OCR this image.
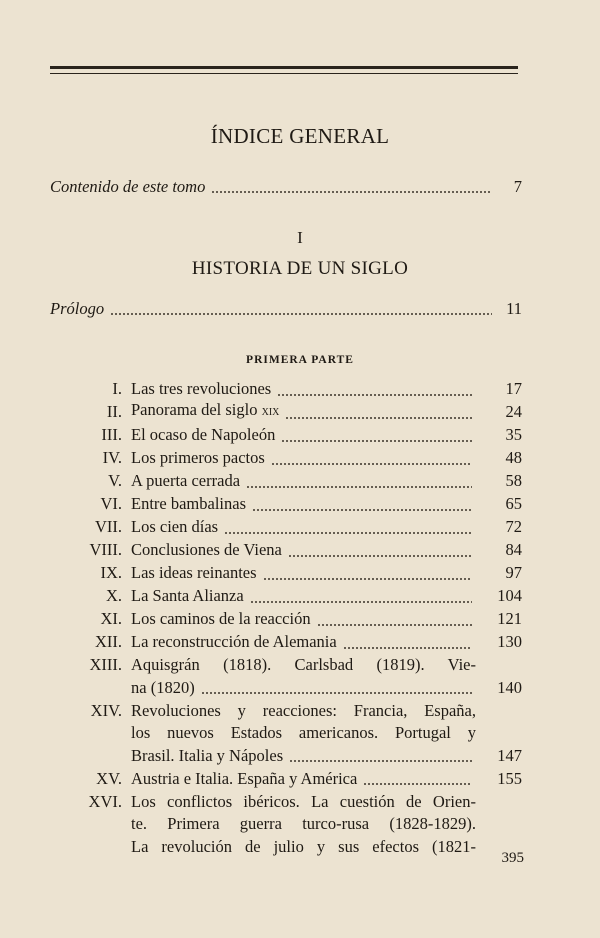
ÍNDICE GENERAL
Contenido de este tomo	7
I
HISTORIA DE UN SIGLO
Prólogo	11
PRIMERA PARTE
I. Las tres revoluciones	17
II. Panorama del siglo xix	24
III. El ocaso de Napoleón	35
IV. Los primeros pactos	48
V. A puerta cerrada	58
VI. Entre bambalinas	65
VII. Los cien días	72
VIII. Conclusiones de Viena	84
IX. Las ideas reinantes	97
X. La Santa Alianza	104
XI. Los caminos de la reacción	121
XII. La reconstrucción de Alemania	130
XIII. Aquisgrán (1818). Carlsbad (1819). Vie-
na (1820)	140
XIV. Revoluciones y reacciones: Francia, España,
los nuevos Estados americanos. Portugal y
Brasil. Italia y Nápoles	147
XV. Austria e Italia. España y América	155
XVI. Los conflictos ibéricos. La cuestión de Orien-
te. Primera guerra turco-rusa (1828-1829).
La revolución de julio y sus efectos (1821-
395
